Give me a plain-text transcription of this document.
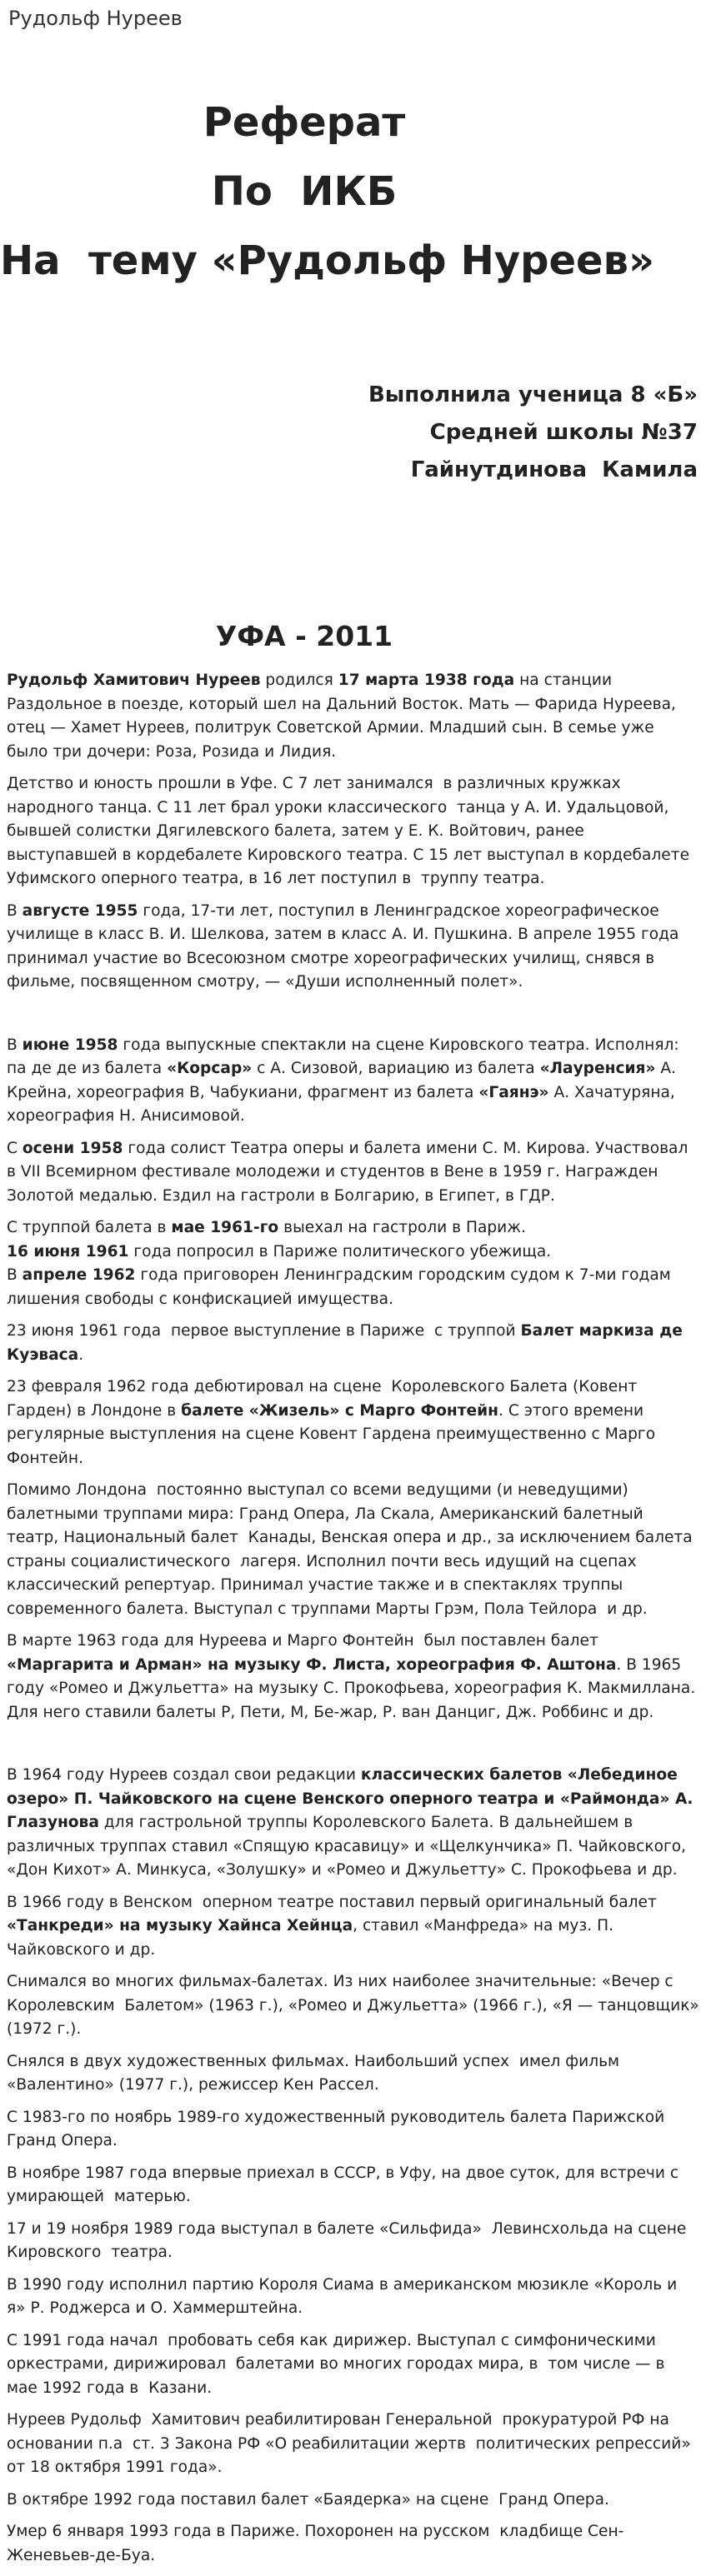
Рудольф Нуреев
Реферат
По  ИКБ
На  тему «Рудольф Нуреев»
Выполнила ученица 8 «Б»
Средней школы №37
Гайнутдинова  Камила
УФА - 2011

Рудольф Хамитович Нуреев родился 17 марта 1938 года на станции Раздольное в поезде, который шел на Дальний Восток. Мать — Фарида Нуреева, отец — Хамет Нуреев, политрук Советской Армии. Младший сын. В семье уже было три дочери: Роза, Розида и Лидия.

Детство и юность прошли в Уфе. С 7 лет занимался  в различных кружках народного танца. С 11 лет брал уроки классического  танца у А. И. Удальцовой, бывшей солистки Дягилевского балета, затем у Е. К. Войтович, ранее выступавшей в кордебалете Кировского театра. С 15 лет выступал в кордебалете Уфимского оперного театра, в 16 лет поступил в  труппу театра.

В августе 1955 года, 17-ти лет, поступил в Ленинградское хореографическое училище в класс В. И. Шелкова, затем в класс А. И. Пушкина. В апреле 1955 года принимал участие во Всесоюзном смотре хореографических училищ, снявся в фильме, посвященном смотру, — «Души исполненный полет».

В июне 1958 года выпускные спектакли на сцене Кировского театра. Исполнял: па де де из балета «Корсар» с А. Сизовой, вариацию из балета «Лауренсия» А. Крейна, хореография В, Чабукиани, фрагмент из балета «Гаянэ» А. Хачатуряна, хореография Н. Анисимовой.

С осени 1958 года солист Театра оперы и балета имени С. М. Кирова. Участвовал в VII Всемирном фестивале молодежи и студентов в Вене в 1959 г. Награжден Золотой медалью. Ездил на гастроли в Болгарию, в Египет, в ГДР.

С труппой балета в мае 1961-го выехал на гастроли в Париж.

16 июня 1961 года попросил в Париже политического убежища.

В апреле 1962 года приговорен Ленинградским городским судом к 7-ми годам лишения свободы с конфискацией имущества.

23 июня 1961 года  первое выступление в Париже  с труппой Балет маркиза де Куэваса.

23 февраля 1962 года дебютировал на сцене  Королевского Балета (Ковент Гарден) в Лондоне в балете «Жизель» с Марго Фонтейн. С этого времени регулярные выступления на сцене Ковент Гардена преимущественно с Марго Фонтейн.

Помимо Лондона  постоянно выступал со всеми ведущими (и неведущими) балетными труппами мира: Гранд Опера, Ла Скала, Американский балетный театр, Национальный балет  Канады, Венская опера и др., за исключением балета страны социалистического  лагеря. Исполнил почти весь идущий на сцепах классический репертуар. Принимал участие также и в спектаклях труппы современного балета. Выступал с труппами Марты Грэм, Пола Тейлора  и др.

В марте 1963 года для Нуреева и Марго Фонтейн  был поставлен балет «Маргарита и Арман» на музыку Ф. Листа, хореография Ф. Аштона. В 1965 году «Ромео и Джульетта» на музыку С. Прокофьева, хореография К. Макмиллана. Для него ставили балеты Р, Пети, М, Бе-жар, Р. ван Данциг, Дж. Роббинс и др.

В 1964 году Нуреев создал свои редакции классических балетов «Лебединое озеро» П. Чайковского на сцене Венского оперного театра и «Раймонда» А. Глазунова для гастрольной труппы Королевского Балета. В дальнейшем в различных труппах ставил «Спящую красавицу» и «Щелкунчика» П. Чайковского, «Дон Кихот» А. Минкуса, «Золушку» и «Ромео и Джульетту» С. Прокофьева и др.

В 1966 году в Венском  оперном театре поставил первый оригинальный балет «Танкреди» на музыку Хайнса Хейнца, ставил «Манфреда» на муз. П. Чайковского и др.

Снимался во многих фильмах-балетах. Из них наиболее значительные: «Вечер с Королевским  Балетом» (1963 г.), «Ромео и Джульетта» (1966 г.), «Я — танцовщик» (1972 г.).

Снялся в двух художественных фильмах. Наибольший успех  имел фильм «Валентино» (1977 г.), режиссер Кен Рассел.

С 1983-го по ноябрь 1989-го художественный руководитель балета Парижской Гранд Опера.

В ноябре 1987 года впервые приехал в СССР, в Уфу, на двое суток, для встречи с умирающей  матерью.

17 и 19 ноября 1989 года выступал в балете «Сильфида»  Левинсхольда на сцене Кировского  театра.

В 1990 году исполнил партию Короля Сиама в американском мюзикле «Король и я» Р. Роджерса и О. Хаммерштейна.

С 1991 года начал  пробовать себя как дирижер. Выступал с симфоническими оркестрами, дирижировал  балетами во многих городах мира, в  том числе — в мае 1992 года в  Казани.

Нуреев Рудольф  Хамитович реабилитирован Генеральной  прокуратурой РФ на основании п.а  ст. 3 Закона РФ «О реабилитации жертв  политических репрессий» от 18 октября 1991 года».

В октябре 1992 года поставил балет «Баядерка» на сцене  Гранд Опера.

Умер 6 января 1993 года в Париже. Похоронен на русском  кладбище Сен-Женевьев-де-Буа.
